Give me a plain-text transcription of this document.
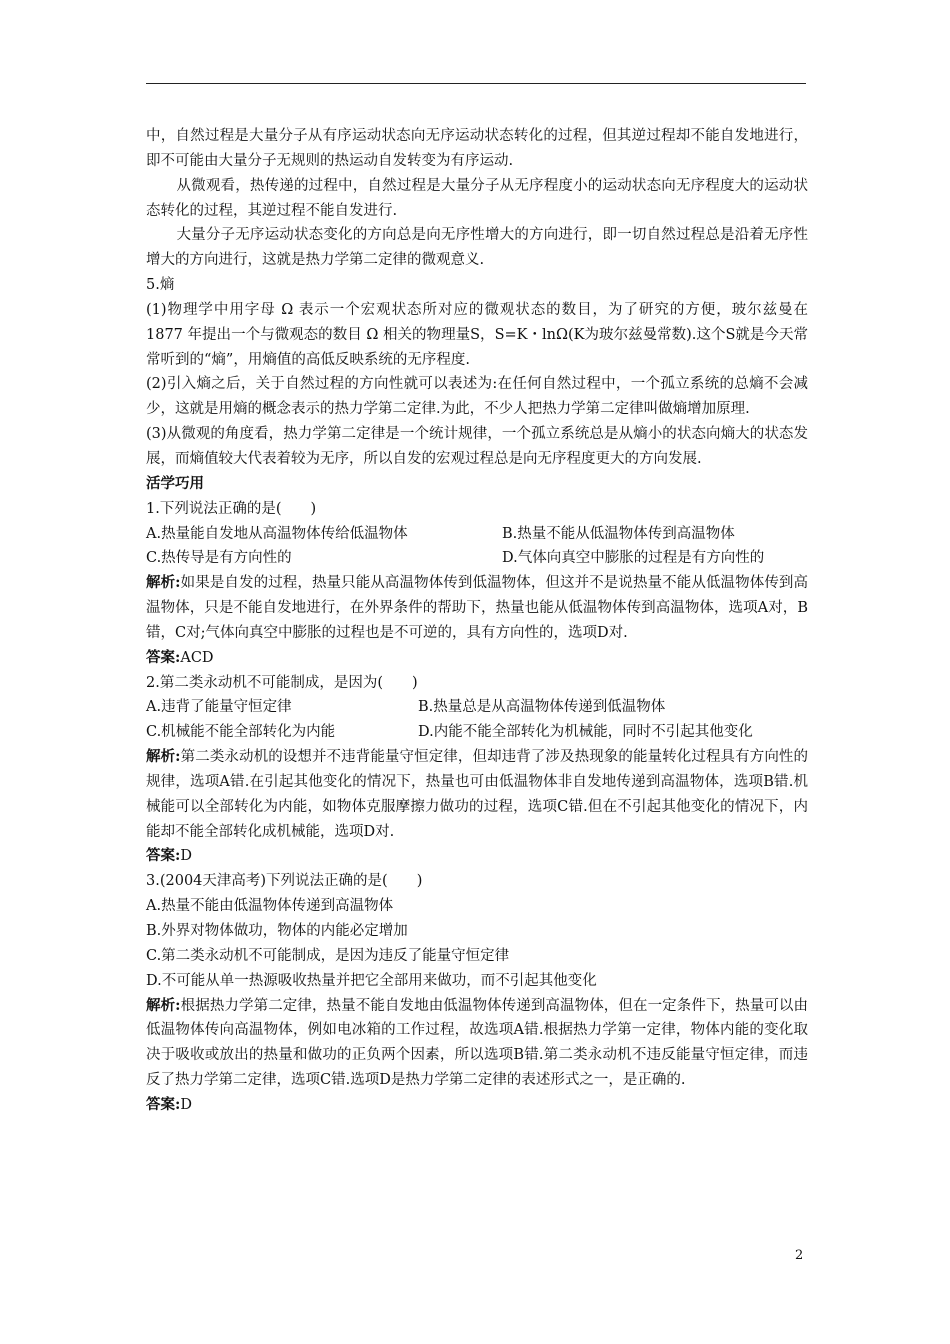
中，自然过程是大量分子从有序运动状态向无序运动状态转化的过程，但其逆过程却不能自发地进行，即不可能由大量分子无规则的热运动自发转变为有序运动.

从微观看，热传递的过程中，自然过程是大量分子从无序程度小的运动状态向无序程度大的运动状态转化的过程，其逆过程不能自发进行.

大量分子无序运动状态变化的方向总是向无序性增大的方向进行，即一切自然过程总是沿着无序性增大的方向进行，这就是热力学第二定律的微观意义.

5.熵

(1)物理学中用字母 Ω 表示一个宏观状态所对应的微观状态的数目，为了研究的方便，玻尔兹曼在 1877 年提出一个与微观态的数目 Ω 相关的物理量S，S=K・lnΩ(K为玻尔兹曼常数).这个S就是今天常常听到的“熵”，用熵值的高低反映系统的无序程度.

(2)引入熵之后，关于自然过程的方向性就可以表述为:在任何自然过程中，一个孤立系统的总熵不会减少，这就是用熵的概念表示的热力学第二定律.为此，不少人把热力学第二定律叫做熵增加原理.

(3)从微观的角度看，热力学第二定律是一个统计规律，一个孤立系统总是从熵小的状态向熵大的状态发展，而熵值较大代表着较为无序，所以自发的宏观过程总是向无序程度更大的方向发展.

活学巧用

1.下列说法正确的是(　　)

A.热量能自发地从高温物体传给低温物体	B.热量不能从低温物体传到高温物体
C.热传导是有方向性的	D.气体向真空中膨胀的过程是有方向性的

解析:如果是自发的过程，热量只能从高温物体传到低温物体，但这并不是说热量不能从低温物体传到高温物体，只是不能自发地进行，在外界条件的帮助下，热量也能从低温物体传到高温物体，选项A对，B错，C对;气体向真空中膨胀的过程也是不可逆的，具有方向性的，选项D对.

答案:ACD

2.第二类永动机不可能制成，是因为(　　)

A.违背了能量守恒定律	B.热量总是从高温物体传递到低温物体
C.机械能不能全部转化为内能	D.内能不能全部转化为机械能，同时不引起其他变化

解析:第二类永动机的设想并不违背能量守恒定律，但却违背了涉及热现象的能量转化过程具有方向性的规律，选项A错.在引起其他变化的情况下，热量也可由低温物体非自发地传递到高温物体，选项B错.机械能可以全部转化为内能，如物体克服摩擦力做功的过程，选项C错.但在不引起其他变化的情况下，内能却不能全部转化成机械能，选项D对.

答案:D

3.(2004天津高考)下列说法正确的是(　　)

A.热量不能由低温物体传递到高温物体

B.外界对物体做功，物体的内能必定增加

C.第二类永动机不可能制成，是因为违反了能量守恒定律

D.不可能从单一热源吸收热量并把它全部用来做功，而不引起其他变化

解析:根据热力学第二定律，热量不能自发地由低温物体传递到高温物体，但在一定条件下，热量可以由低温物体传向高温物体，例如电冰箱的工作过程，故选项A错.根据热力学第一定律，物体内能的变化取决于吸收或放出的热量和做功的正负两个因素，所以选项B错.第二类永动机不违反能量守恒定律，而违反了热力学第二定律，选项C错.选项D是热力学第二定律的表述形式之一，是正确的.

答案:D

2
